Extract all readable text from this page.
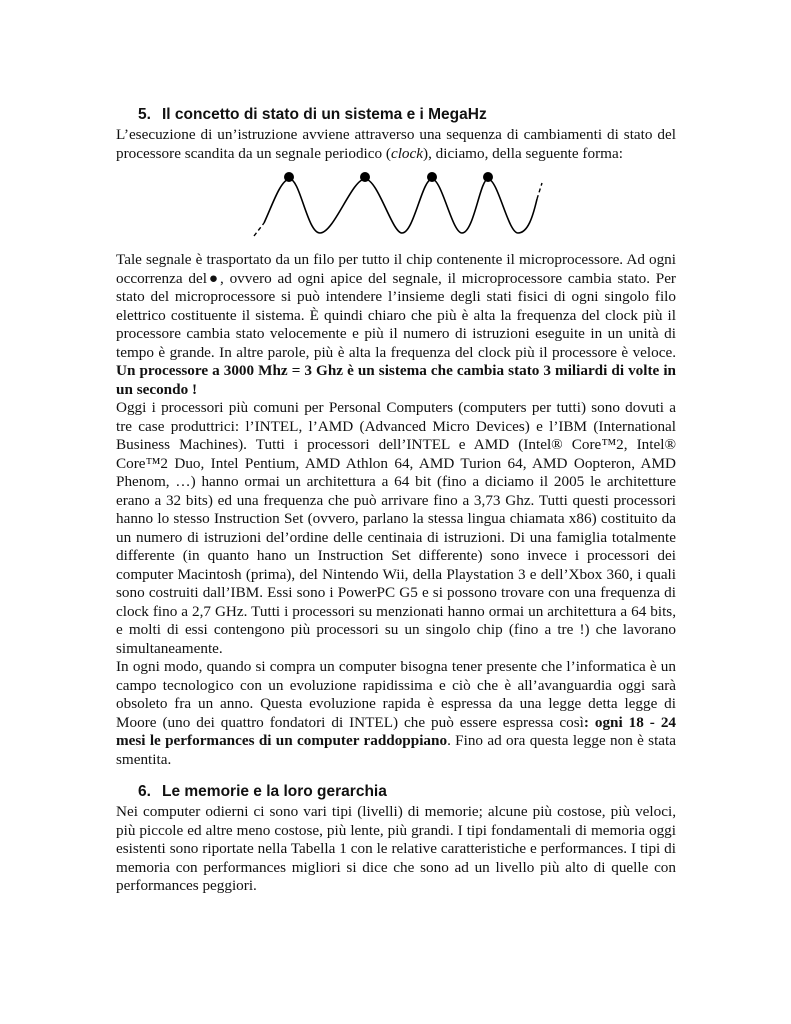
5. Il concetto di stato di un sistema e i MegaHz

L’esecuzione di un’istruzione avviene attraverso una sequenza di cambiamenti di stato del processore scandita da un segnale periodico (clock), diciamo, della seguente forma:

Tale segnale è trasportato da un filo per tutto il chip contenente il microprocessore. Ad ogni occorrenza del●, ovvero ad ogni apice del segnale, il microprocessore cambia stato. Per stato del microprocessore si può intendere l’insieme degli stati fisici di ogni singolo filo elettrico costituente il sistema. È quindi chiaro che più è alta la frequenza del clock più il processore cambia stato velocemente e più il numero di istruzioni eseguite in un unità di tempo è grande. In altre parole, più è alta la frequenza del clock più il processore è veloce. Un processore a 3000 Mhz = 3 Ghz è un sistema che cambia stato 3 miliardi di volte in un secondo !

Oggi i processori più comuni per Personal Computers (computers per tutti) sono dovuti a tre case produttrici: l’INTEL, l’AMD (Advanced Micro Devices) e l’IBM (International Business Machines). Tutti i processori dell’INTEL e AMD (Intel® Core™2, Intel® Core™2 Duo, Intel Pentium, AMD Athlon 64, AMD Turion 64, AMD Oopteron, AMD Phenom, …) hanno ormai un architettura a 64 bit (fino a diciamo il 2005 le architetture erano a 32 bits) ed una frequenza che può arrivare fino a 3,73 Ghz. Tutti questi processori hanno lo stesso Instruction Set (ovvero, parlano la stessa lingua chiamata x86) costituito da un numero di istruzioni del’ordine delle centinaia di istruzioni. Di una famiglia totalmente differente (in quanto hano un Instruction Set differente) sono invece i processori dei computer Macintosh (prima), del Nintendo Wii, della Playstation 3 e dell’Xbox 360, i quali sono costruiti dall’IBM. Essi sono i PowerPC G5 e si possono trovare con una frequenza di clock fino a 2,7 GHz. Tutti i processori su menzionati hanno ormai un architettura a 64 bits, e molti di essi contengono più processori su un singolo chip (fino a tre !) che lavorano simultaneamente.

In ogni modo, quando si compra un computer bisogna tener presente che l’informatica è un campo tecnologico con un evoluzione rapidissima e ciò che è all’avanguardia oggi sarà obsoleto fra un anno. Questa evoluzione rapida è espressa da una legge detta legge di Moore (uno dei quattro fondatori di INTEL) che può essere espressa così: ogni 18 - 24 mesi le performances di un computer raddoppiano. Fino ad ora questa legge non è stata smentita.

6. Le memorie e la loro gerarchia

Nei computer odierni ci sono vari tipi (livelli) di memorie; alcune più costose, più veloci, più piccole ed altre meno costose, più lente, più grandi. I tipi fondamentali di memoria oggi esistenti sono riportate nella Tabella 1 con le relative caratteristiche e performances. I tipi di memoria con performances migliori si dice che sono ad un livello più alto di quelle con performances peggiori.
